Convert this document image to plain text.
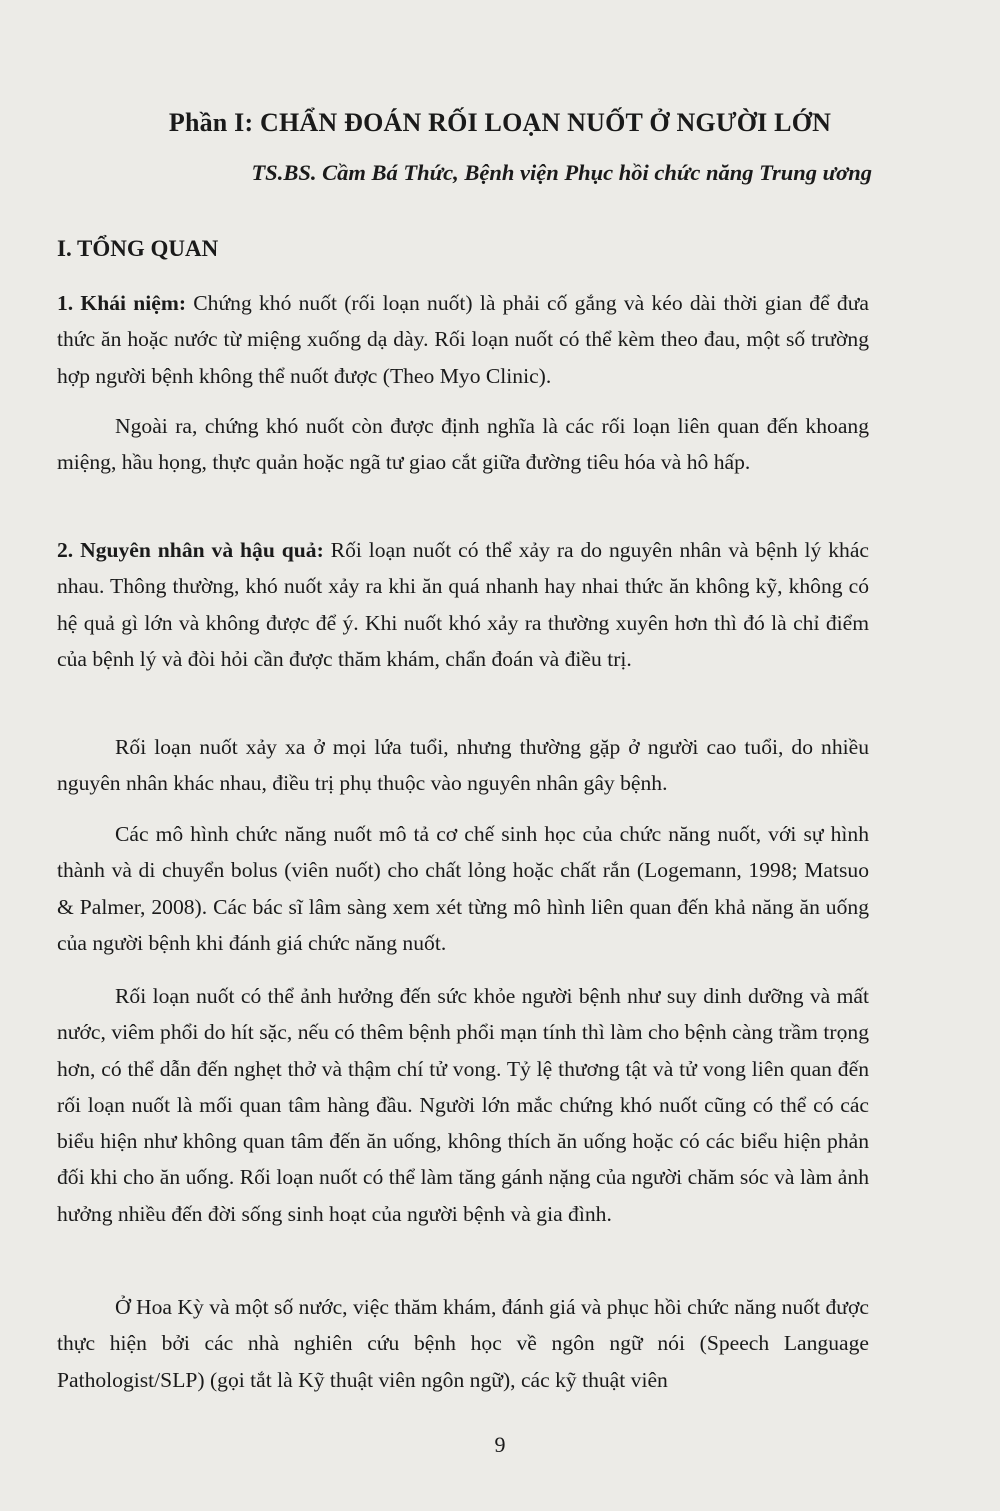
Phần I: CHẨN ĐOÁN RỐI LOẠN NUỐT Ở NGƯỜI LỚN
TS.BS. Cầm Bá Thức, Bệnh viện Phục hồi chức năng Trung ương
I. TỔNG QUAN

1. Khái niệm: Chứng khó nuốt (rối loạn nuốt) là phải cố gắng và kéo dài thời gian để đưa thức ăn hoặc nước từ miệng xuống dạ dày. Rối loạn nuốt có thể kèm theo đau, một số trường hợp người bệnh không thể nuốt được (Theo Myo Clinic).

Ngoài ra, chứng khó nuốt còn được định nghĩa là các rối loạn liên quan đến khoang miệng, hầu họng, thực quản hoặc ngã tư giao cắt giữa đường tiêu hóa và hô hấp.

2. Nguyên nhân và hậu quả: Rối loạn nuốt có thể xảy ra do nguyên nhân và bệnh lý khác nhau. Thông thường, khó nuốt xảy ra khi ăn quá nhanh hay nhai thức ăn không kỹ, không có hệ quả gì lớn và không được để ý. Khi nuốt khó xảy ra thường xuyên hơn thì đó là chỉ điểm của bệnh lý và đòi hỏi cần được thăm khám, chẩn đoán và điều trị.

Rối loạn nuốt xảy xa ở mọi lứa tuổi, nhưng thường gặp ở người cao tuổi, do nhiều nguyên nhân khác nhau, điều trị phụ thuộc vào nguyên nhân gây bệnh.

Các mô hình chức năng nuốt mô tả cơ chế sinh học của chức năng nuốt, với sự hình thành và di chuyển bolus (viên nuốt) cho chất lỏng hoặc chất rắn (Logemann, 1998; Matsuo & Palmer, 2008). Các bác sĩ lâm sàng xem xét từng mô hình liên quan đến khả năng ăn uống của người bệnh khi đánh giá chức năng nuốt.

Rối loạn nuốt có thể ảnh hưởng đến sức khỏe người bệnh như suy dinh dưỡng và mất nước, viêm phổi do hít sặc, nếu có thêm bệnh phổi mạn tính thì làm cho bệnh càng trầm trọng hơn, có thể dẫn đến nghẹt thở và thậm chí tử vong. Tỷ lệ thương tật và tử vong liên quan đến rối loạn nuốt là mối quan tâm hàng đầu. Người lớn mắc chứng khó nuốt cũng có thể có các biểu hiện như không quan tâm đến ăn uống, không thích ăn uống hoặc có các biểu hiện phản đối khi cho ăn uống. Rối loạn nuốt có thể làm tăng gánh nặng của người chăm sóc và làm ảnh hưởng nhiều đến đời sống sinh hoạt của người bệnh và gia đình.

Ở Hoa Kỳ và một số nước, việc thăm khám, đánh giá và phục hồi chức năng nuốt được thực hiện bởi các nhà nghiên cứu bệnh học về ngôn ngữ nói (Speech Language Pathologist/SLP) (gọi tắt là Kỹ thuật viên ngôn ngữ), các kỹ thuật viên

9
